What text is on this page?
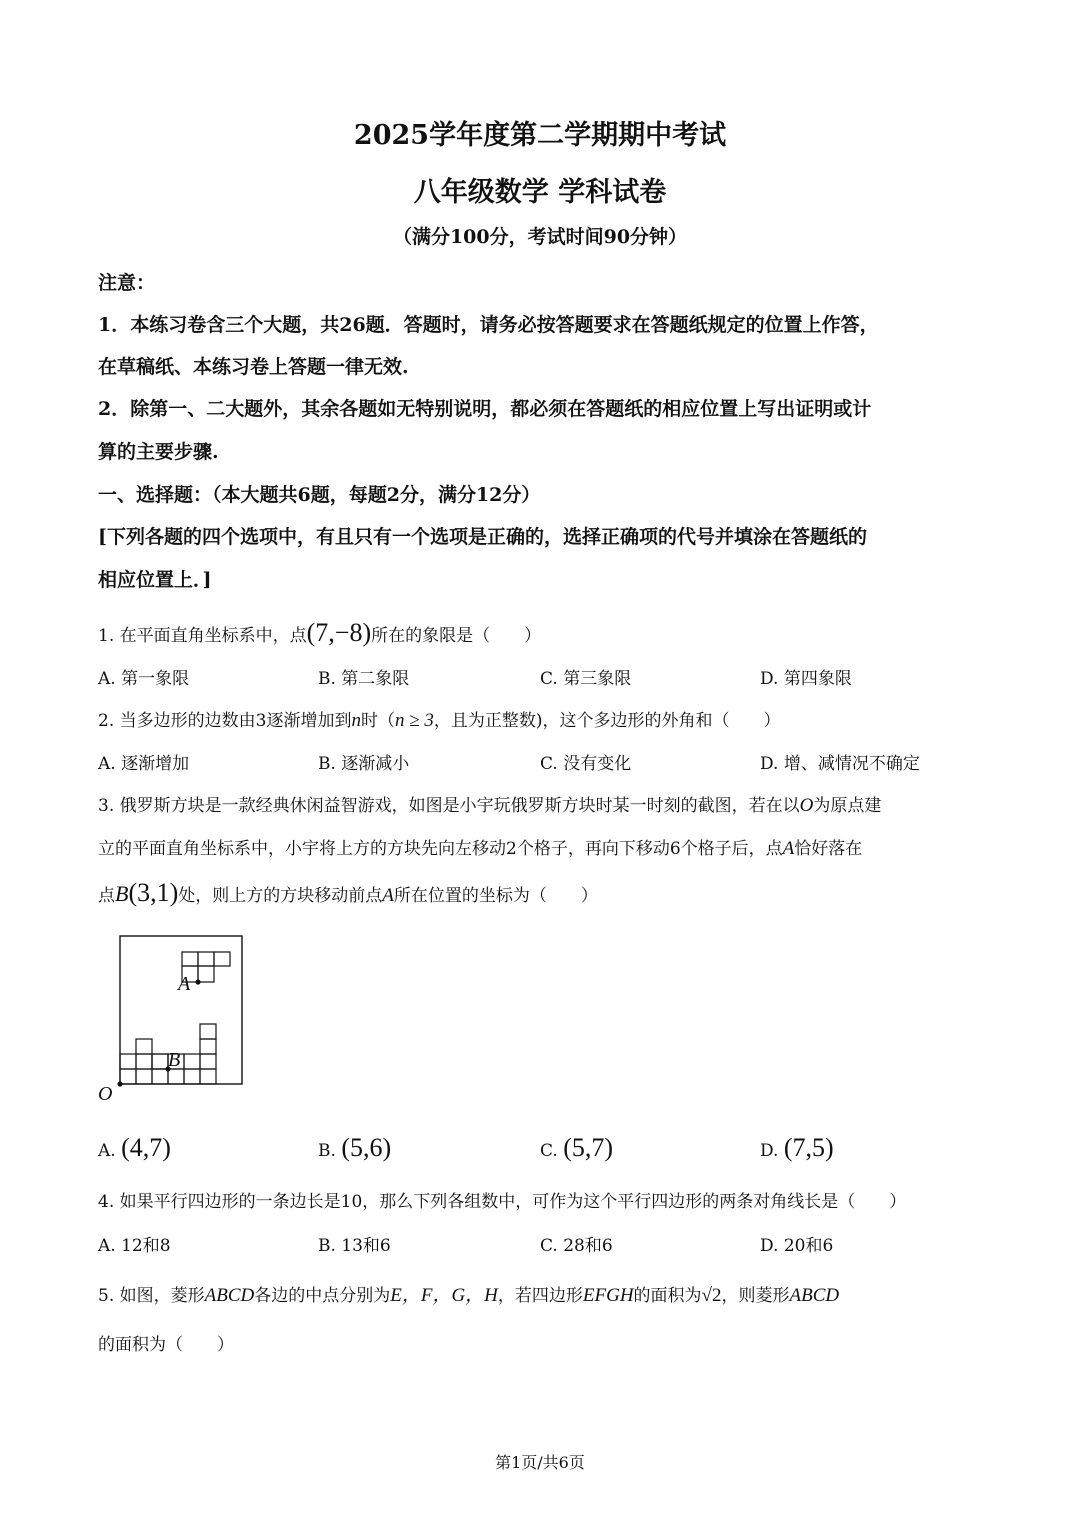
2025学年度第二学期期中考试
八年级数学 学科试卷
（满分100分，考试时间90分钟）
注意：
1．本练习卷含三个大题，共26题．答题时，请务必按答题要求在答题纸规定的位置上作答，
在草稿纸、本练习卷上答题一律无效.
2．除第一、二大题外，其余各题如无特别说明，都必须在答题纸的相应位置上写出证明或计
算的主要步骤.
一、选择题：（本大题共6题，每题2分，满分12分）
[下列各题的四个选项中，有且只有一个选项是正确的，选择正确项的代号并填涂在答题纸的
相应位置上．]
1. 在平面直角坐标系中，点(7,−8)所在的象限是（　　）
A. 第一象限	B. 第二象限	C. 第三象限	D. 第四象限
2. 当多边形的边数由3逐渐增加到n时（n ≥ 3，且为正整数)，这个多边形的外角和（　　）
A. 逐渐增加	B. 逐渐减小	C. 没有变化	D. 增、减情况不确定
3. 俄罗斯方块是一款经典休闲益智游戏，如图是小宇玩俄罗斯方块时某一时刻的截图，若在以O为原点建
立的平面直角坐标系中，小宇将上方的方块先向左移动2个格子，再向下移动6个格子后，点A恰好落在
点B(3,1)处，则上方的方块移动前点A所在位置的坐标为（　　）
A
B
O
A. (4,7)	B. (5,6)	C. (5,7)	D. (7,5)
4. 如果平行四边形的一条边长是10，那么下列各组数中，可作为这个平行四边形的两条对角线长是（　　）
A. 12和8	B. 13和6	C. 28和6	D. 20和6
5. 如图，菱形ABCD各边的中点分别为E，F，G，H，若四边形EFGH的面积为√2，则菱形ABCD
的面积为（　　）
第1页/共6页
